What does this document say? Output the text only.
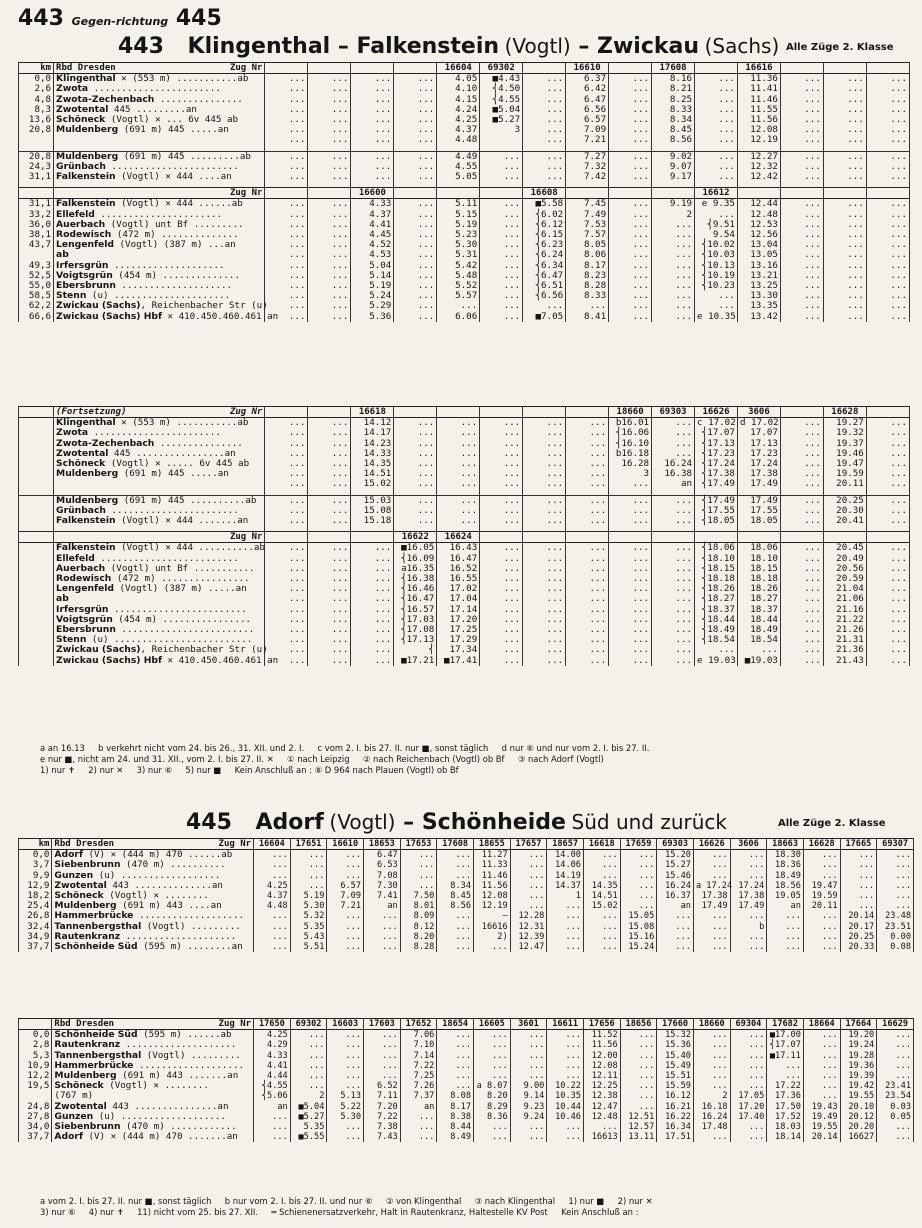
443 Gegen-richtung 445
443 Klingenthal – Falkenstein (Vogtl) – Zwickau (Sachs) Alle Züge 2. Klasse
km	Rbd Dresden Zug Nr					16604	69302		16610		17608		16616			
0,0	Klingenthal ✕ (553 m) ...........ab	...	...	...	...	4.05	■4.43	...	6.37	...	8.16	...	11.36	...	...	...
2,6	Zwota .......................	...	...	...	...	4.10	⎨4.50	...	6.42	...	8.21	...	11.41	...	...	...
4,8	Zwota-Zechenbach ...............	...	...	...	...	4.15	⎨4.55	...	6.47	...	8.25	...	11.46	...	...	...
8,3	Zwotental 445 .........an	...	...	...	...	4.24	■5.04	...	6.56	...	8.33	...	11.55	...	...	...
13,6	Schöneck (Vogtl) ✕ ... 6v 445 ab	...	...	...	...	4.25	■5.27	...	6.57	...	8.34	...	11.56	...	...	...
20,8	Muldenberg (691 m) 445 .....an	...	...	...	...	4.37	3	...	7.09	...	8.45	...	12.08	...	...	...
		...	...	...	...	4.48		...	7.21	...	8.56	...	12.19	...	...	...

20,8	Muldenberg (691 m) 445 .........ab	...	...	...	...	4.49	...	...	7.27	...	9.02	...	12.27	...	...	...
24,3	Grünbach .......................	...	...	...	...	4.55	...	...	7.32	...	9.07	...	12.32	...	...	...
31,1	Falkenstein (Vogtl) ✕ 444 ....an	...	...	...	...	5.05	...	...	7.42	...	9.17	...	12.42	...	...	...

	Zug Nr			16600				16608				16612				
31,1	Falkenstein (Vogtl) ✕ 444 ......ab	...	...	4.33	...	5.11	...	■5.58	7.45	...	9.19	e 9.35	12.44	...	...	...
33,2	Ellefeld ......................	...	...	4.37	...	5.15	...	⎨6.02	7.49	...	2	...	12.48	...	...	...
36,0	Auerbach (Vogtl) unt Bf .........	...	...	4.41	...	5.19	...	⎨6.12	7.53	...	...	⎨9.51	12.53	...	...	...
38,1	Rodewisch (472 m) ..............	...	...	4.45	...	5.23	...	⎨6.15	7.57	...	...	9.54	12.56	...	...	...
43,7	Lengenfeld (Vogtl) (387 m) ...an	...	...	4.52	...	5.30	...	⎨6.23	8.05	...	...	⎨10.02	13.04	...	...	...
	ab	...	...	4.53	...	5.31	...	⎨6.24	8.06	...	...	⎨10.03	13.05	...	...	...
49,3	Irfersgrün ....................	...	...	5.04	...	5.42	...	⎨6.34	8.17	...	...	⎨10.13	13.16	...	...	...
52,5	Voigtsgrün (454 m) ..............	...	...	5.14	...	5.48	...	⎨6.47	8.23	...	...	⎨10.19	13.21	...	...	...
55,0	Ebersbrunn ....................	...	...	5.19	...	5.52	...	⎨6.51	8.28	...	...	⎨10.23	13.25	...	...	...
58,5	Stenn (u) .....................	...	...	5.24	...	5.57	...	⎨6.56	8.33	...	...	...	13.30	...	...	...
62,2	Zwickau (Sachs), Reichenbacher Str (u)	...	...	5.29	...	...	...	...	...	...	...	...	13.35	...	...	...
66,6	Zwickau (Sachs) Hbf ✕ 410.450.460.461 an	...	...	5.36	...	6.06	...	■7.05	8.41	...	...	e 10.35	13.42	...	...	...
	(Fortsetzung) Zug Nr			16618						18660	69303	16626	3606		16628	
	Klingenthal ✕ (553 m) ...........ab	...	...	14.12	...	...	...	...	...	b16.01	...	c 17.02	d 17.02	...	19.27	...
	Zwota .......................	...	...	14.17	...	...	...	...	...	⎨16.06	...	⎨17.07	17.07	...	19.32	...
	Zwota-Zechenbach ...............	...	...	14.23	...	...	...	...	...	⎨16.10	...	⎨17.13	17.13	...	19.37	...
	Zwotental 445 ................an	...	...	14.33	...	...	...	...	...	b16.18	...	⎨17.23	17.23	...	19.46	...
	Schöneck (Vogtl) ✕ ..... 6v 445 ab	...	...	14.35	...	...	...	...	...	16.28	16.24	⎨17.24	17.24	...	19.47	...
	Muldenberg (691 m) 445 .....an	...	...	14.51	...	...	...	...	...	3	16.38	⎨17.38	17.38	...	19.59	...
		...	...	15.02	...	...	...	...	...	...	an	⎨17.49	17.49	...	20.11	...

	Muldenberg (691 m) 445 ..........ab	...	...	15.03	...	...	...	...	...	...	...	⎨17.49	17.49	...	20.25	...
	Grünbach .......................	...	...	15.08	...	...	...	...	...	...	...	⎨17.55	17.55	...	20.30	...
	Falkenstein (Vogtl) ✕ 444 .......an	...	...	15.18	...	...	...	...	...	...	...	⎨18.05	18.05	...	20.41	...

	Zug Nr				16622	16624										
	Falkenstein (Vogtl) ✕ 444 ..........ab	...	...	...	■16.05	16.43	...	...	...	...	...	⎨18.06	18.06	...	20.45	...
	Ellefeld .........................	...	...	...	⎨16.09	16.47	...	...	...	...	...	⎨18.10	18.10	...	20.49	...
	Auerbach (Vogtl) unt Bf ...........	...	...	...	a16.35	16.52	...	...	...	...	...	⎨18.15	18.15	...	20.56	...
	Rodewisch (472 m) ................	...	...	...	⎨16.38	16.55	...	...	...	...	...	⎨18.18	18.18	...	20.59	...
	Lengenfeld (Vogtl) (387 m) .....an	...	...	...	⎨16.46	17.02	...	...	...	...	...	⎨18.26	18.26	...	21.04	...
	ab	...	...	...	⎨16.47	17.04	...	...	...	...	...	⎨18.27	18.27	...	21.06	...
	Irfersgrün ........................	...	...	...	⎨16.57	17.14	...	...	...	...	...	⎨18.37	18.37	...	21.16	...
	Voigtsgrün (454 m) ................	...	...	...	⎨17.03	17.20	...	...	...	...	...	⎨18.44	18.44	...	21.22	...
	Ebersbrunn ........................	...	...	...	⎨17.08	17.25	...	...	...	...	...	⎨18.49	18.49	...	21.26	...
	Stenn (u) .........................	...	...	...	⎨17.13	17.29	...	...	...	...	...	⎨18.54	18.54	...	21.31	...
	Zwickau (Sachs), Reichenbacher Str (u)	...	...	...	⎨	17.34	...	...	...	...	...	...	...	...	21.36	...
	Zwickau (Sachs) Hbf ✕ 410.450.460.461 an	...	...	...	■17.21	■17.41	...	...	...	...	...	e 19.03	■19.03	...	21.43	...
a an 16.13     b verkehrt nicht vom 24. bis 26., 31. XII. und 2. I.     c vom 2. I. bis 27. II. nur ■, sonst täglich     d nur ⑥ und nur vom 2. I. bis 27. II.
e nur ■, nicht am 24. und 31. XII., vom 2. I. bis 27. II. ✕     ① nach Leipzig     ② nach Reichenbach (Vogtl) ob Bf     ③ nach Adorf (Vogtl)
1) nur ✝     2) nur ✕     3) nur ⑥     5) nur ■     Kein Anschluß an : ⑧ D 964 nach Plauen (Vogtl) ob Bf
445 Adorf (Vogtl) – Schönheide Süd und zurück	Alle Züge 2. Klasse
km	Rbd Dresden Zug Nr	16604	17651	16610	18653	17653	17608	18655	17657	18657	16618	17659	69303	16626	3606	18663	16628	17665	69307
0,0	Adorf (V) ✕ (444 m) 470 ......ab	...	...	...	6.47	...	...	11.27	...	14.00	...	...	15.20	...	...	18.30	...	...	...
3,7	Siebenbrunn (470 m) ..........	...	...	...	6.53	...	...	11.33	...	14.06	...	...	15.27	...	...	18.36	...	...	...
9,9	Gunzen (u) ..................	...	...	...	7.08	...	...	11.46	...	14.19	...	...	15.46	...	...	18.49	...	...	...
12,9	Zwotental 443 ..............an	4.25	...	6.57	7.30	...	8.34	11.56	...	14.37	14.35	...	16.24	a 17.24	17.24	18.56	19.47	...	...
18,2	Schöneck (Vogtl) ✕ ........	4.37	5.19	7.09	7.41	7.50	8.45	12.08	...	1	14.51	...	16.37	17.38	17.38	19.05	19.59	...	...
25,4	Muldenberg (691 m) 443 ....an	4.48	5.30	7.21	an	8.01	8.56	12.19	...	...	15.02	...	an	17.49	17.49	an	20.11	...	...
26,8	Hammerbrücke ...................	...	5.32	...	...	8.09	...	—	12.28	...	...	15.05	...	...	...	...	...	20.14	23.48
32,4	Tannenbergsthal (Vogtl) .........	...	5.35	...	...	8.12	...	16616	12.31	...	...	15.08	...	...	b	...	...	20.17	23.51
34,9	Rautenkranz ....................	...	5.43	...	...	8.20	...	2)	12.39	...	...	15.16	...	...	...	...	...	20.25	0.00
37,7	Schönheide Süd (595 m) ........an	...	5.51	...	...	8.28	...	...	12.47	...	...	15.24	...	...	...	...	...	20.33	0.08
	Rbd Dresden Zug Nr	17650	69302	16603	17603	17652	18654	16605	3601	16611	17656	18656	17660	18660	69304	17682	18664	17664	16629
0,0	Schönheide Süd (595 m) ......ab	4.25	...	...	...	7.06	...	...	...	...	11.52	...	15.32	...	...	■17.00	...	19.20	...
2,8	Rautenkranz ....................	4.29	...	...	...	7.10	...	...	...	...	11.56	...	15.36	...	...	⎨17.07	...	19.24	...
5,3	Tannenbergsthal (Vogtl) .........	4.33	...	...	...	7.14	...	...	...	...	12.00	...	15.40	...	...	■17.11	...	19.28	...
10,9	Hammerbrücke ...................	4.41	...	...	...	7.22	...	...	...	...	12.08	...	15.49	...	...	...	...	19.36	...
12,2	Muldenberg (691 m) 443 .......an	4.44	...	...	...	7.25	...	...	...	...	12.11	...	15.51	...	...	...	...	19.39	...
19,5	Schöneck (Vogtl) ✕ ........	⎨4.55	...	...	6.52	7.26	...	a 8.07	9.00	10.22	12.25	...	15.59	...	...	17.22	...	19.42	23.41
	(767 m)	⎨5.06	2	5.13	7.11	7.37	8.08	8.20	9.14	10.35	12.38	...	16.12	2	17.05	17.36	...	19.55	23.54
24,8	Zwotental 443 ...............an	an	■5.04	5.22	7.20	an	8.17	8.29	9.23	10.44	12.47	...	16.21	16.18	17.20	17.50	19.43	20.10	0.03
27,8	Gunzen (u) ...................	...	■5.27	5.30	7.22	...	8.38	8.36	9.24	10.46	12.48	12.51	16.22	16.24	17.40	17.52	19.49	20.12	0.05
34,0	Siebenbrunn (470 m) ............	...	5.35	...	7.38	...	8.44	...	...	...	...	12.57	16.34	17.48	...	18.03	19.55	20.20	...
37,7	Adorf (V) ✕ (444 m) 470 .......an	...	■5.55	...	7.43	...	8.49	...	...	...	16613	13.11	17.51	...	...	18.14	20.14	16627	...
a vom 2. I. bis 27. II. nur ■, sonst täglich     b nur vom 2. I. bis 27. II. und nur ⑥     ② von Klingenthal     ③ nach Klingenthal     1) nur ■     2) nur ✕
3) nur ⑥     4) nur ✝     11) nicht vom 25. bis 27. XII.     ═ Schienenersatzverkehr, Halt in Rautenkranz, Haltestelle KV Post     Kein Anschluß an :
